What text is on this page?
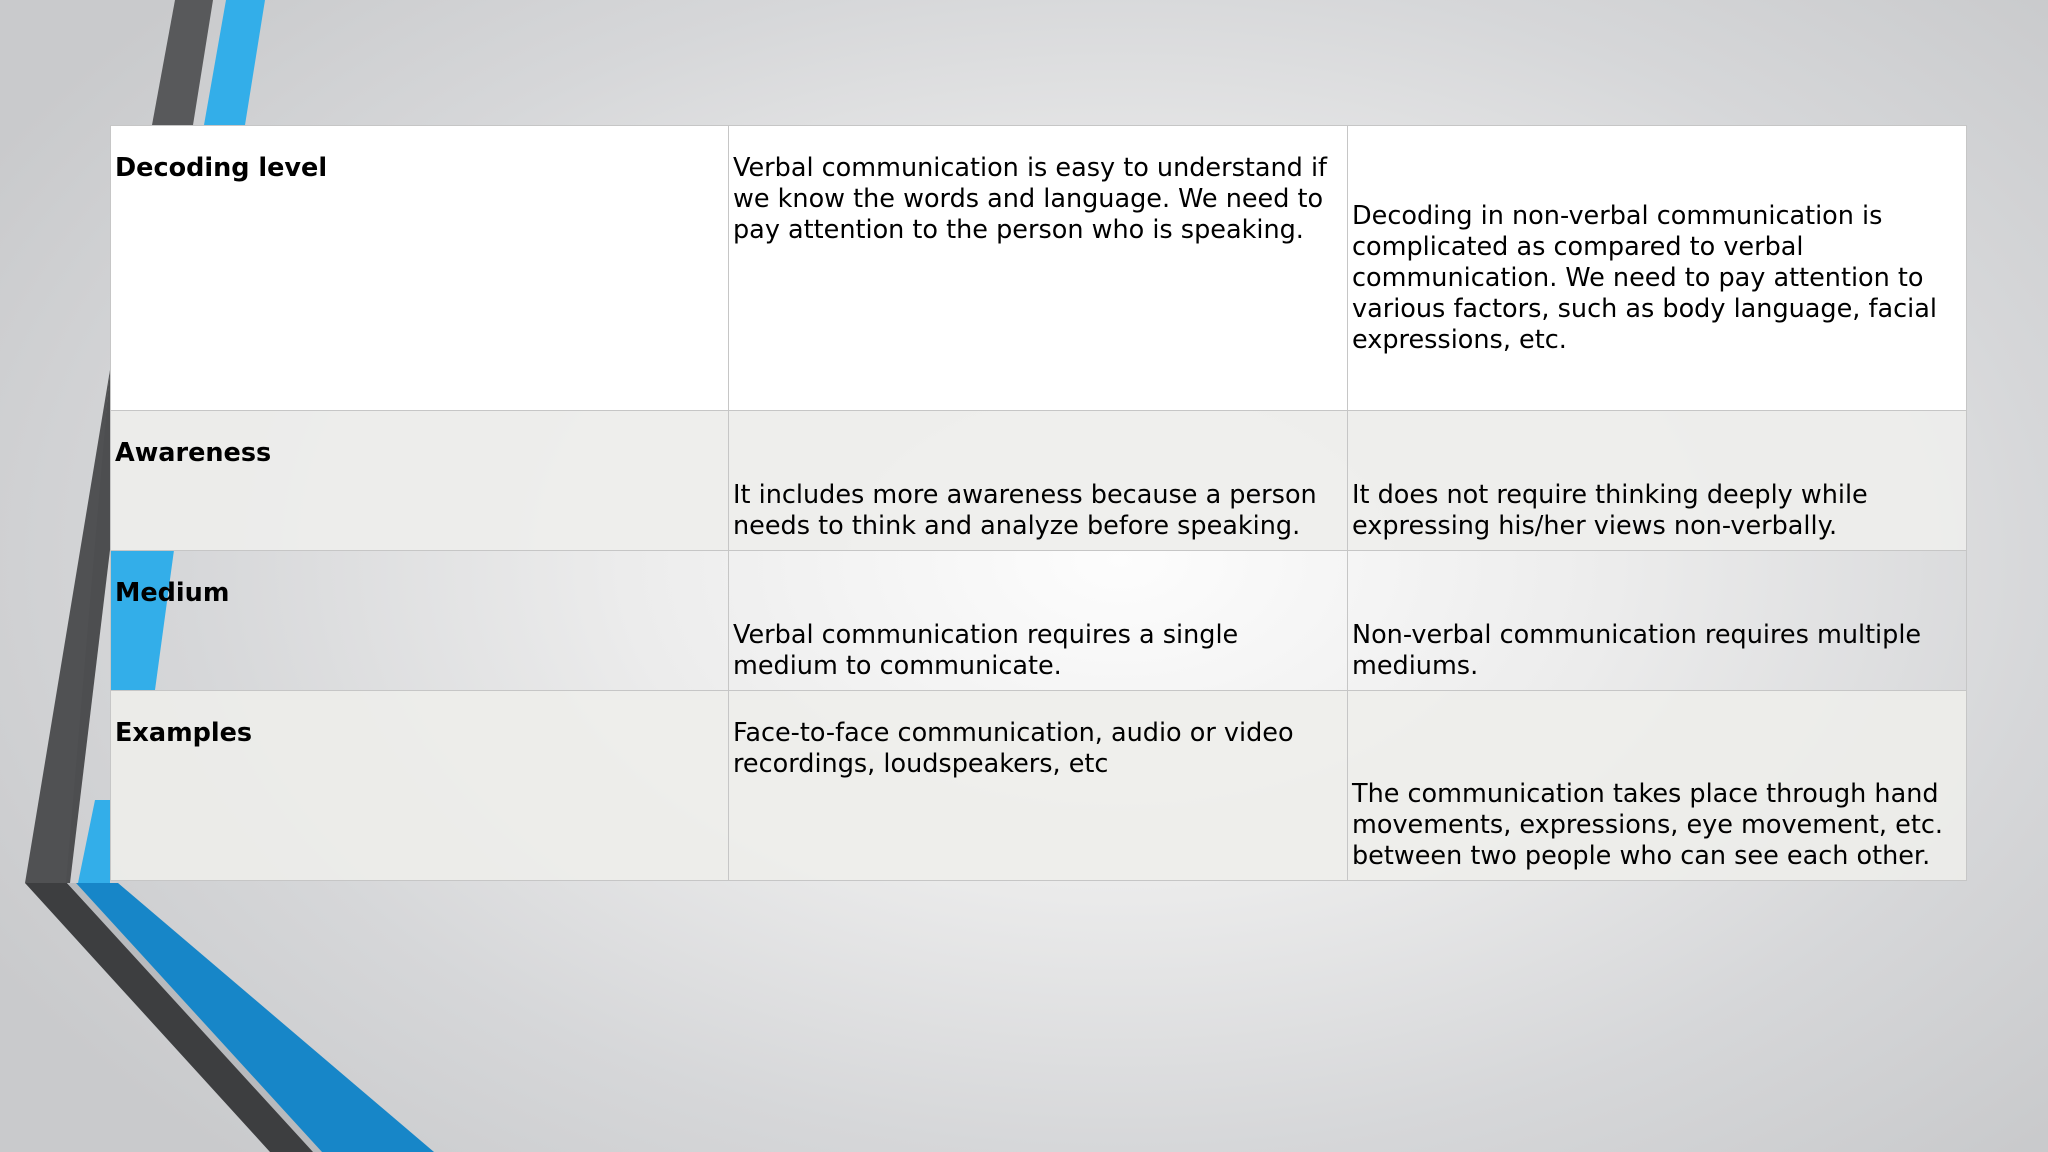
Decoding level	Verbal communication is easy to understand if we know the words and language. We need to pay attention to the person who is speaking.	Decoding in non-verbal communication is complicated as compared to verbal communication. We need to pay attention to various factors, such as body language, facial expressions, etc.

Awareness	It includes more awareness because a person needs to think and analyze before speaking.	It does not require thinking deeply while expressing his/her views non-verbally.

Medium	Verbal communication requires a single medium to communicate.	Non-verbal communication requires multiple mediums.

Examples	Face-to-face communication, audio or video recordings, loudspeakers, etc	The communication takes place through hand movements, expressions, eye movement, etc. between two people who can see each other.
